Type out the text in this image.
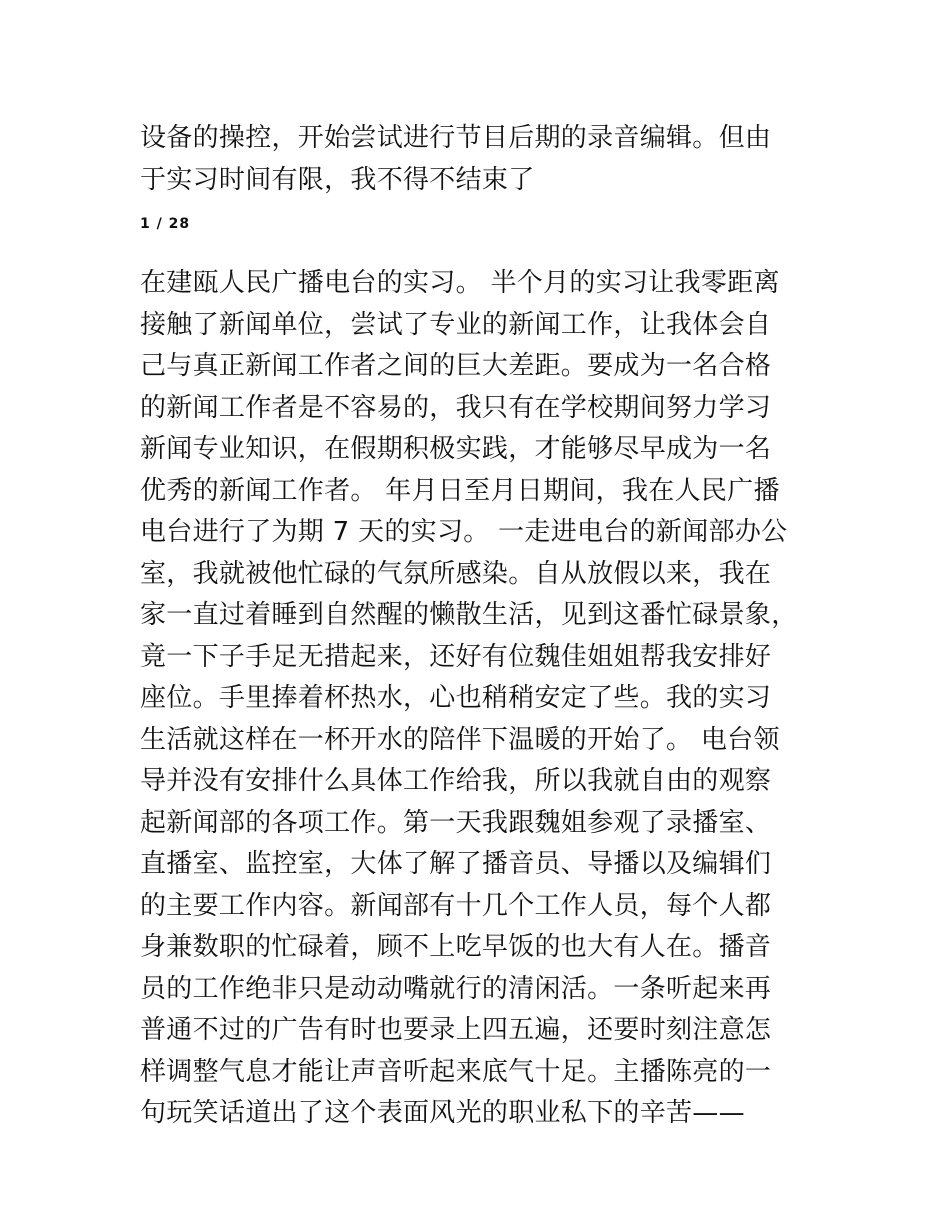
设备的操控，开始尝试进行节目后期的录音编辑。但由
于实习时间有限，我不得不结束了
1 / 28
在建瓯人民广播电台的实习。 半个月的实习让我零距离
接触了新闻单位，尝试了专业的新闻工作，让我体会自
己与真正新闻工作者之间的巨大差距。要成为一名合格
的新闻工作者是不容易的，我只有在学校期间努力学习
新闻专业知识，在假期积极实践，才能够尽早成为一名
优秀的新闻工作者。 年月日至月日期间，我在人民广播
电台进行了为期 7 天的实习。 一走进电台的新闻部办公
室，我就被他忙碌的气氛所感染。自从放假以来，我在
家一直过着睡到自然醒的懒散生活，见到这番忙碌景象，
竟一下子手足无措起来，还好有位魏佳姐姐帮我安排好
座位。手里捧着杯热水，心也稍稍安定了些。我的实习
生活就这样在一杯开水的陪伴下温暖的开始了。 电台领
导并没有安排什么具体工作给我，所以我就自由的观察
起新闻部的各项工作。第一天我跟魏姐参观了录播室、
直播室、监控室，大体了解了播音员、导播以及编辑们
的主要工作内容。新闻部有十几个工作人员，每个人都
身兼数职的忙碌着，顾不上吃早饭的也大有人在。播音
员的工作绝非只是动动嘴就行的清闲活。一条听起来再
普通不过的广告有时也要录上四五遍，还要时刻注意怎
样调整气息才能让声音听起来底气十足。主播陈亮的一
句玩笑话道出了这个表面风光的职业私下的辛苦——
